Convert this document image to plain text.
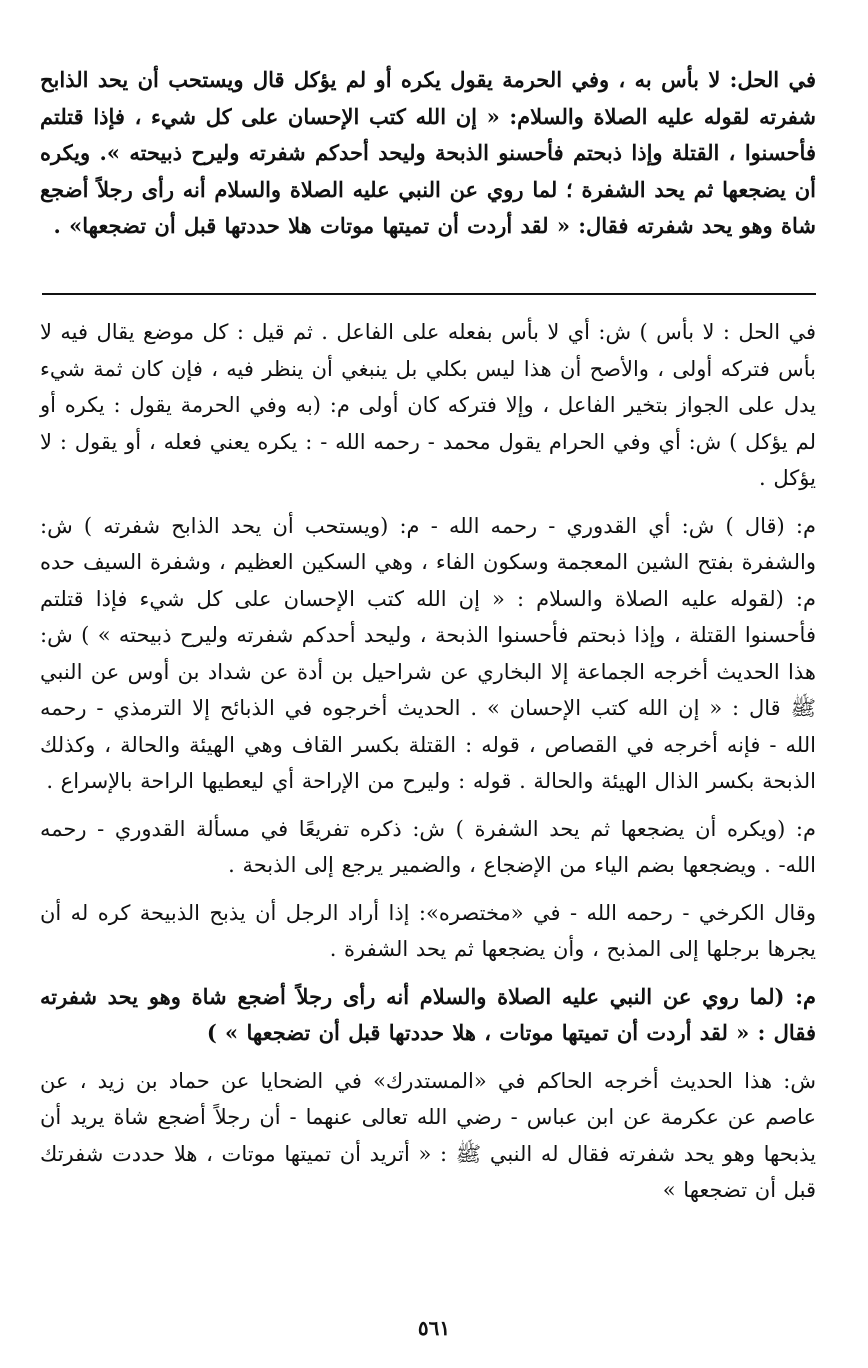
في الحل: لا بأس به ، وفي الحرمة يقول يكره أو لم يؤكل قال ويستحب أن يحد الذابح شفرته لقوله عليه الصلاة والسلام: « إن الله كتب الإحسان على كل شيء ، فإذا قتلتم فأحسنوا ، القتلة وإذا ذبحتم فأحسنو الذبحة وليحد أحدكم شفرته وليرح ذبيحته ». ويكره أن يضجعها ثم يحد الشفرة ؛ لما روي عن النبي عليه الصلاة والسلام أنه رأى رجلاً أضجع شاة وهو يحد شفرته فقال: « لقد أردت أن تميتها موتات هلا حددتها قبل أن تضجعها» .

في الحل : لا بأس ) ش: أي لا بأس بفعله على الفاعل . ثم قيل : كل موضع يقال فيه لا بأس فتركه أولى ، والأصح أن هذا ليس بكلي بل ينبغي أن ينظر فيه ، فإن كان ثمة شيء يدل على الجواز بتخير الفاعل ، وإلا فتركه كان أولى م: (به وفي الحرمة يقول : يكره أو لم يؤكل ) ش: أي وفي الحرام يقول محمد - رحمه الله - : يكره يعني فعله ، أو يقول : لا يؤكل .

م: (قال ) ش: أي القدوري - رحمه الله - م: (ويستحب أن يحد الذابح شفرته ) ش: والشفرة بفتح الشين المعجمة وسكون الفاء ، وهي السكين العظيم ، وشفرة السيف حده م: (لقوله عليه الصلاة والسلام : « إن الله كتب الإحسان على كل شيء فإذا قتلتم فأحسنوا القتلة ، وإذا ذبحتم فأحسنوا الذبحة ، وليحد أحدكم شفرته وليرح ذبيحته » ) ش: هذا الحديث أخرجه الجماعة إلا البخاري عن شراحيل بن أدة عن شداد بن أوس عن النبي ﷺ قال : « إن الله كتب الإحسان » . الحديث أخرجوه في الذبائح إلا الترمذي - رحمه الله - فإنه أخرجه في القصاص ، قوله : القتلة بكسر القاف وهي الهيئة والحالة ، وكذلك الذبحة بكسر الذال الهيئة والحالة . قوله : وليرح من الإراحة أي ليعطيها الراحة بالإسراع .

م: (ويكره أن يضجعها ثم يحد الشفرة ) ش: ذكره تفريعًا في مسألة القدوري - رحمه الله- . ويضجعها بضم الياء من الإضجاع ، والضمير يرجع إلى الذبحة .

وقال الكرخي - رحمه الله - في «مختصره»: إذا أراد الرجل أن يذبح الذبيحة كره له أن يجرها برجلها إلى المذبح ، وأن يضجعها ثم يحد الشفرة .

م: (لما روي عن النبي عليه الصلاة والسلام أنه رأى رجلاً أضجع شاة وهو يحد شفرته فقال : « لقد أردت أن تميتها موتات ، هلا حددتها قبل أن تضجعها » )

ش: هذا الحديث أخرجه الحاكم في «المستدرك» في الضحايا عن حماد بن زيد ، عن عاصم عن عكرمة عن ابن عباس - رضي الله تعالى عنهما - أن رجلاً أضجع شاة يريد أن يذبحها وهو يحد شفرته فقال له النبي ﷺ : « أتريد أن تميتها موتات ، هلا حددت شفرتك قبل أن تضجعها »

٥٦١
